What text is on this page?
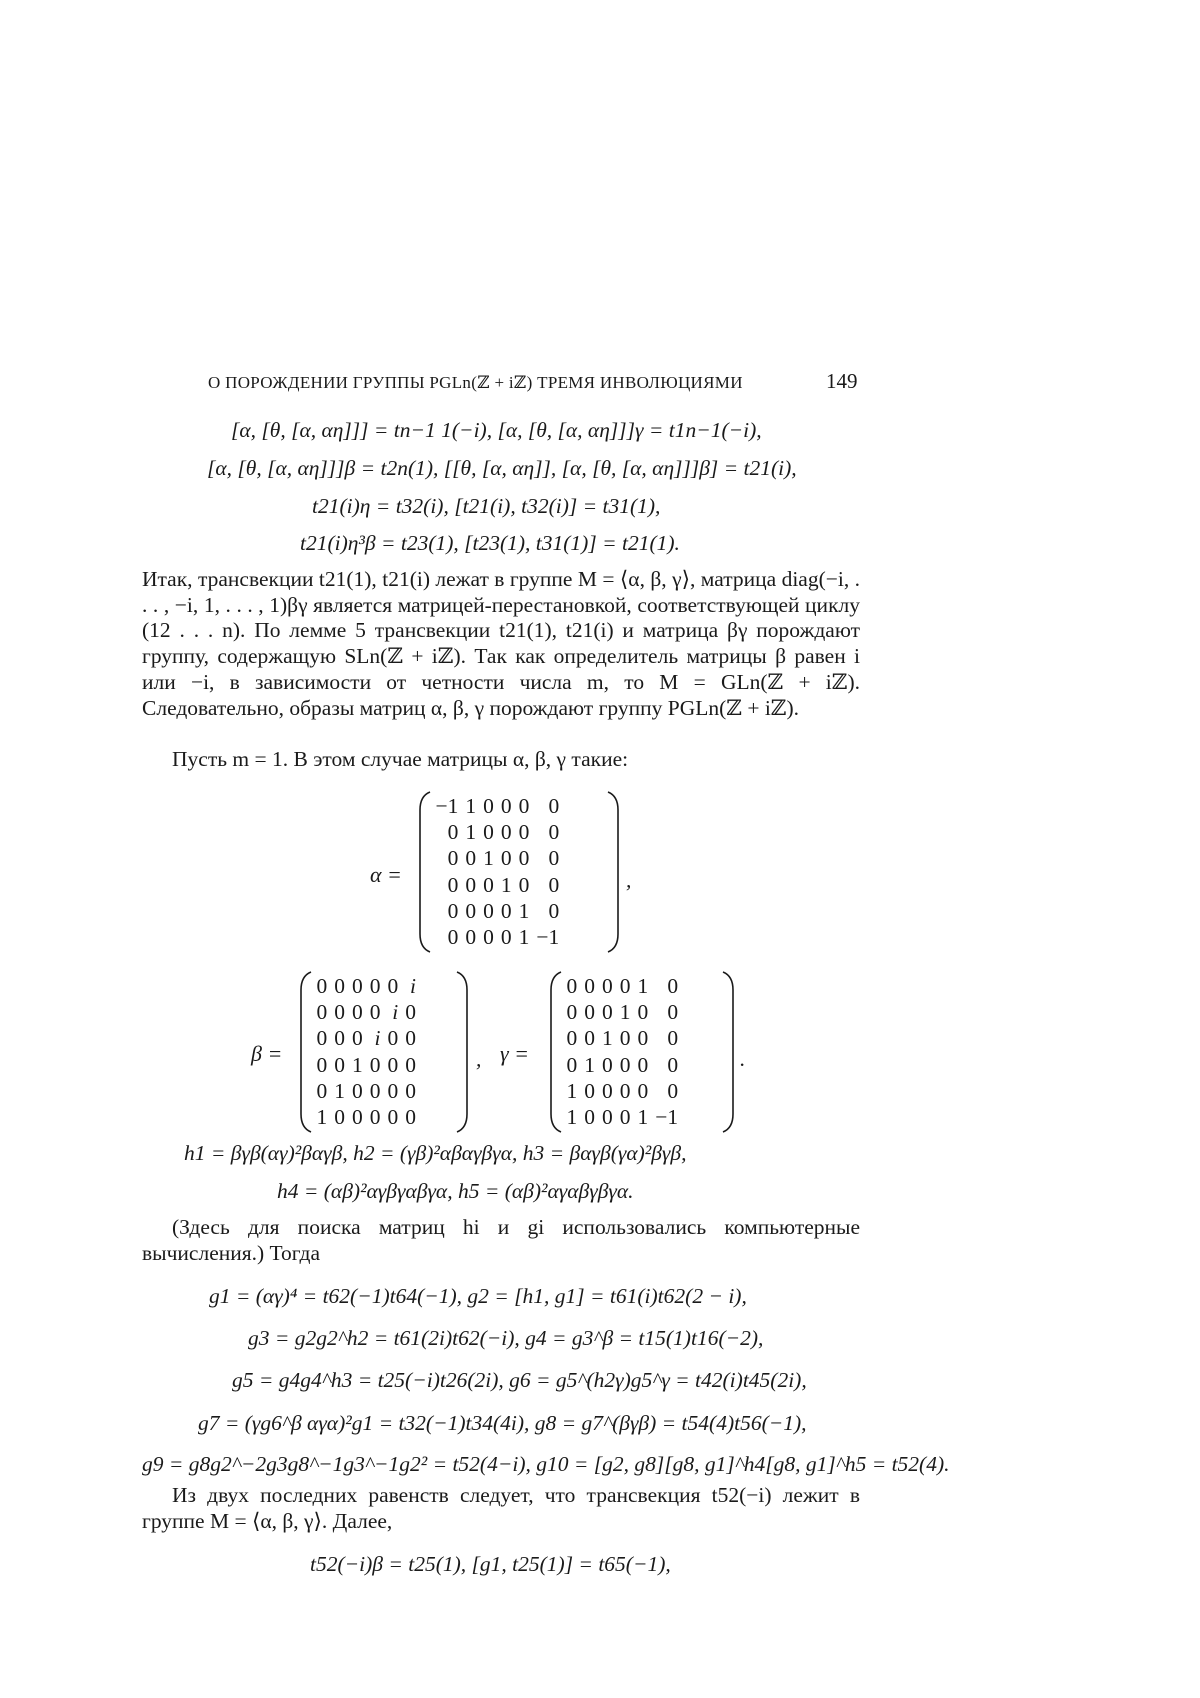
О ПОРОЖДЕНИИ ГРУППЫ PGLn(ℤ + iℤ) ТРЕМЯ ИНВОЛЮЦИЯМИ	149
[α, [θ, [α, αη]]] = tn−1 1(−i), [α, [θ, [α, αη]]]γ = t1n−1(−i),
[α, [θ, [α, αη]]]β = t2n(1), [[θ, [α, αη]], [α, [θ, [α, αη]]]β] = t21(i),
t21(i)η = t32(i), [t21(i), t32(i)] = t31(1),
t21(i)η³β = t23(1), [t23(1), t31(1)] = t21(1).

Итак, трансвекции t21(1), t21(i) лежат в группе M = ⟨α, β, γ⟩, матрица diag(−i, . . . , −i, 1, . . . , 1)βγ является матрицей-перестановкой, соответствующей циклу (12 . . . n). По лемме 5 трансвекции t21(1), t21(i) и матрица βγ порождают группу, содержащую SLn(ℤ + iℤ). Так как определитель матрицы β равен i или −i, в зависимости от четности числа m, то M = GLn(ℤ + iℤ). Следовательно, образы матриц α, β, γ порождают группу PGLn(ℤ + iℤ).

Пусть m = 1. В этом случае матрицы α, β, γ такие:

α =
−1	1	0	0	0	0
0	1	0	0	0	0
0	0	1	0	0	0
0	0	0	1	0	0
0	0	0	0	1	0
0	0	0	0	1	−1
,
β =
0	0	0	0	0	i
0	0	0	0	i	0
0	0	0	i	0	0
0	0	1	0	0	0
0	1	0	0	0	0
1	0	0	0	0	0
, γ =
0	0	0	0	1	0
0	0	0	1	0	0
0	0	1	0	0	0
0	1	0	0	0	0
1	0	0	0	0	0
1	0	0	0	1	−1
.
h1 = βγβ(αγ)²βαγβ, h2 = (γβ)²αβαγβγα, h3 = βαγβ(γα)²βγβ,
h4 = (αβ)²αγβγαβγα, h5 = (αβ)²αγαβγβγα.

(Здесь для поиска матриц hi и gi использовались компьютерные вычисления.) Тогда

g1 = (αγ)⁴ = t62(−1)t64(−1), g2 = [h1, g1] = t61(i)t62(2 − i),
g3 = g2g2^h2 = t61(2i)t62(−i), g4 = g3^β = t15(1)t16(−2),
g5 = g4g4^h3 = t25(−i)t26(2i), g6 = g5^(h2γ)g5^γ = t42(i)t45(2i),
g7 = (γg6^β αγα)²g1 = t32(−1)t34(4i), g8 = g7^(βγβ) = t54(4)t56(−1),
g9 = g8g2^−2g3g8^−1g3^−1g2² = t52(4−i), g10 = [g2, g8][g8, g1]^h4[g8, g1]^h5 = t52(4).

Из двух последних равенств следует, что трансвекция t52(−i) лежит в группе M = ⟨α, β, γ⟩. Далее,

t52(−i)β = t25(1), [g1, t25(1)] = t65(−1),
